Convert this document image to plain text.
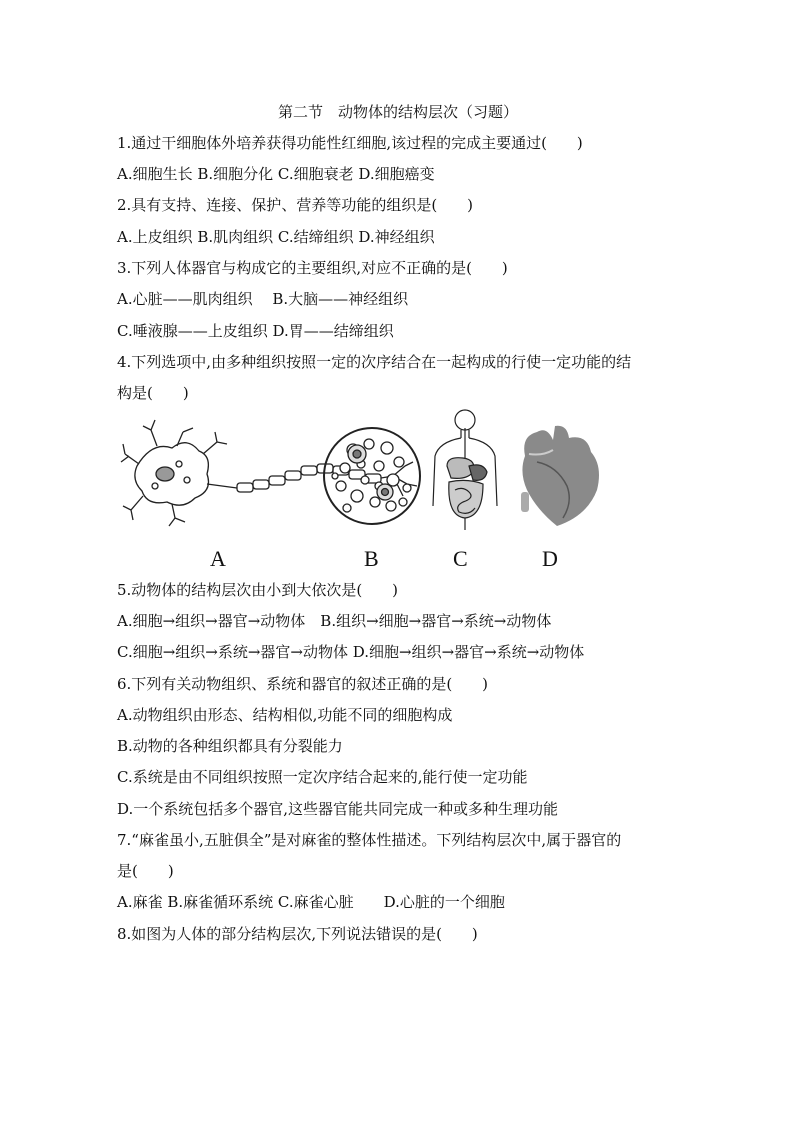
第二节　动物体的结构层次（习题）
1.通过干细胞体外培养获得功能性红细胞,该过程的完成主要通过(　　)
A.细胞生长 B.细胞分化 C.细胞衰老 D.细胞癌变
2.具有支持、连接、保护、营养等功能的组织是(　　)
A.上皮组织 B.肌肉组织 C.结缔组织 D.神经组织
3.下列人体器官与构成它的主要组织,对应不正确的是(　　)
A.心脏——肌肉组织　 B.大脑——神经组织
C.唾液腺——上皮组织 D.胃——结缔组织
4.下列选项中,由多种组织按照一定的次序结合在一起构成的行使一定功能的结
构是(　　)
A	B	C	D
5.动物体的结构层次由小到大依次是(　　)
A.细胞→组织→器官→动物体　B.组织→细胞→器官→系统→动物体
C.细胞→组织→系统→器官→动物体 D.细胞→组织→器官→系统→动物体
6.下列有关动物组织、系统和器官的叙述正确的是(　　)
A.动物组织由形态、结构相似,功能不同的细胞构成
B.动物的各种组织都具有分裂能力
C.系统是由不同组织按照一定次序结合起来的,能行使一定功能
D.一个系统包括多个器官,这些器官能共同完成一种或多种生理功能
7.“麻雀虽小,五脏俱全”是对麻雀的整体性描述。下列结构层次中,属于器官的
是(　　)
A.麻雀 B.麻雀循环系统 C.麻雀心脏　　D.心脏的一个细胞
8.如图为人体的部分结构层次,下列说法错误的是(　　)
